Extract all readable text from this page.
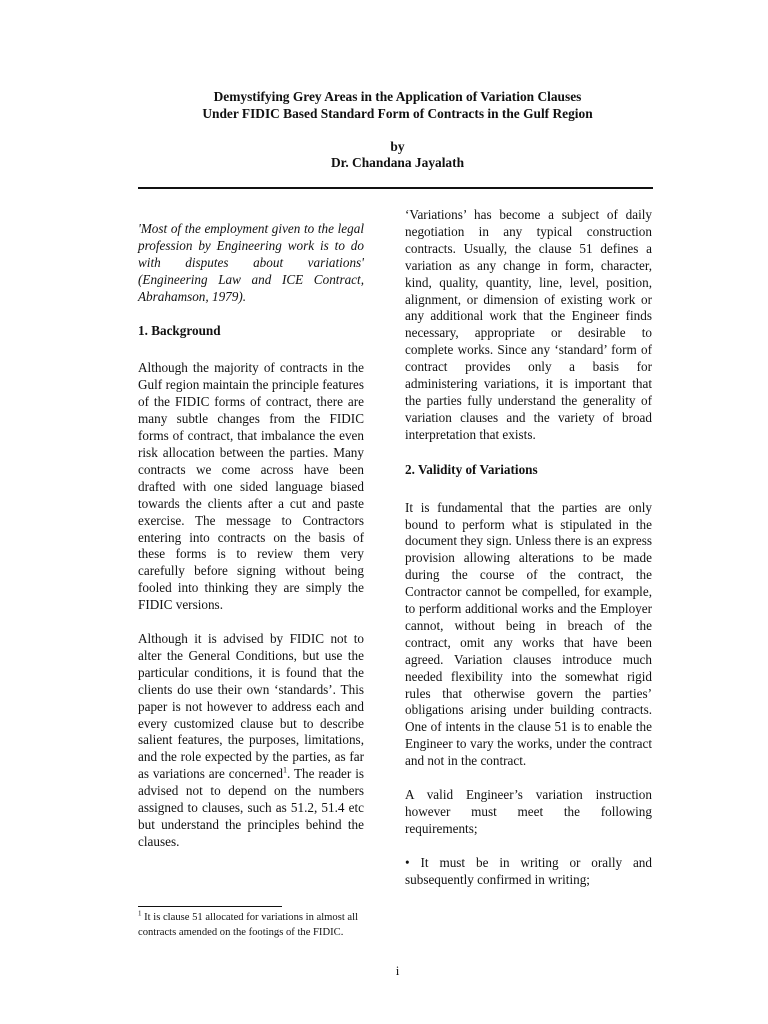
Demystifying Grey Areas in the Application of Variation Clauses
Under FIDIC Based Standard Form of Contracts in the Gulf Region
by
Dr. Chandana Jayalath

'Most of the employment given to the legal profession by Engineering work is to do with disputes about variations' (Engineering Law and ICE Contract, Abrahamson, 1979).

1. Background

Although the majority of contracts in the Gulf region maintain the principle features of the FIDIC forms of contract, there are many subtle changes from the FIDIC forms of contract, that imbalance the even risk allocation between the parties. Many contracts we come across have been drafted with one sided language biased towards the clients after a cut and paste exercise. The message to Contractors entering into contracts on the basis of these forms is to review them very carefully before signing without being fooled into thinking they are simply the FIDIC versions.

Although it is advised by FIDIC not to alter the General Conditions, but use the particular conditions, it is found that the clients do use their own ‘standards’. This paper is not however to address each and every customized clause but to describe salient features, the purposes, limitations, and the role expected by the parties, as far as variations are concerned$^1$. The reader is advised not to depend on the numbers assigned to clauses, such as 51.2, 51.4 etc but understand the principles behind the clauses.

‘Variations’ has become a subject of daily negotiation in any typical construction contracts. Usually, the clause 51 defines a variation as any change in form, character, kind, quality, quantity, line, level, position, alignment, or dimension of existing work or any additional work that the Engineer finds necessary, appropriate or desirable to complete works. Since any ‘standard’ form of contract provides only a basis for administering variations, it is important that the parties fully understand the generality of variation clauses and the variety of broad interpretation that exists.

2. Validity of Variations

It is fundamental that the parties are only bound to perform what is stipulated in the document they sign. Unless there is an express provision allowing alterations to be made during the course of the contract, the Contractor cannot be compelled, for example, to perform additional works and the Employer cannot, without being in breach of the contract, omit any works that have been agreed. Variation clauses introduce much needed flexibility into the somewhat rigid rules that otherwise govern the parties’ obligations arising under building contracts. One of intents in the clause 51 is to enable the Engineer to vary the works, under the contract and not in the contract.

A valid Engineer’s variation instruction however must meet the following requirements;

• It must be in writing or orally and subsequently confirmed in writing;

$^1$ It is clause 51 allocated for variations in almost all contracts amended on the footings of the FIDIC.
i
